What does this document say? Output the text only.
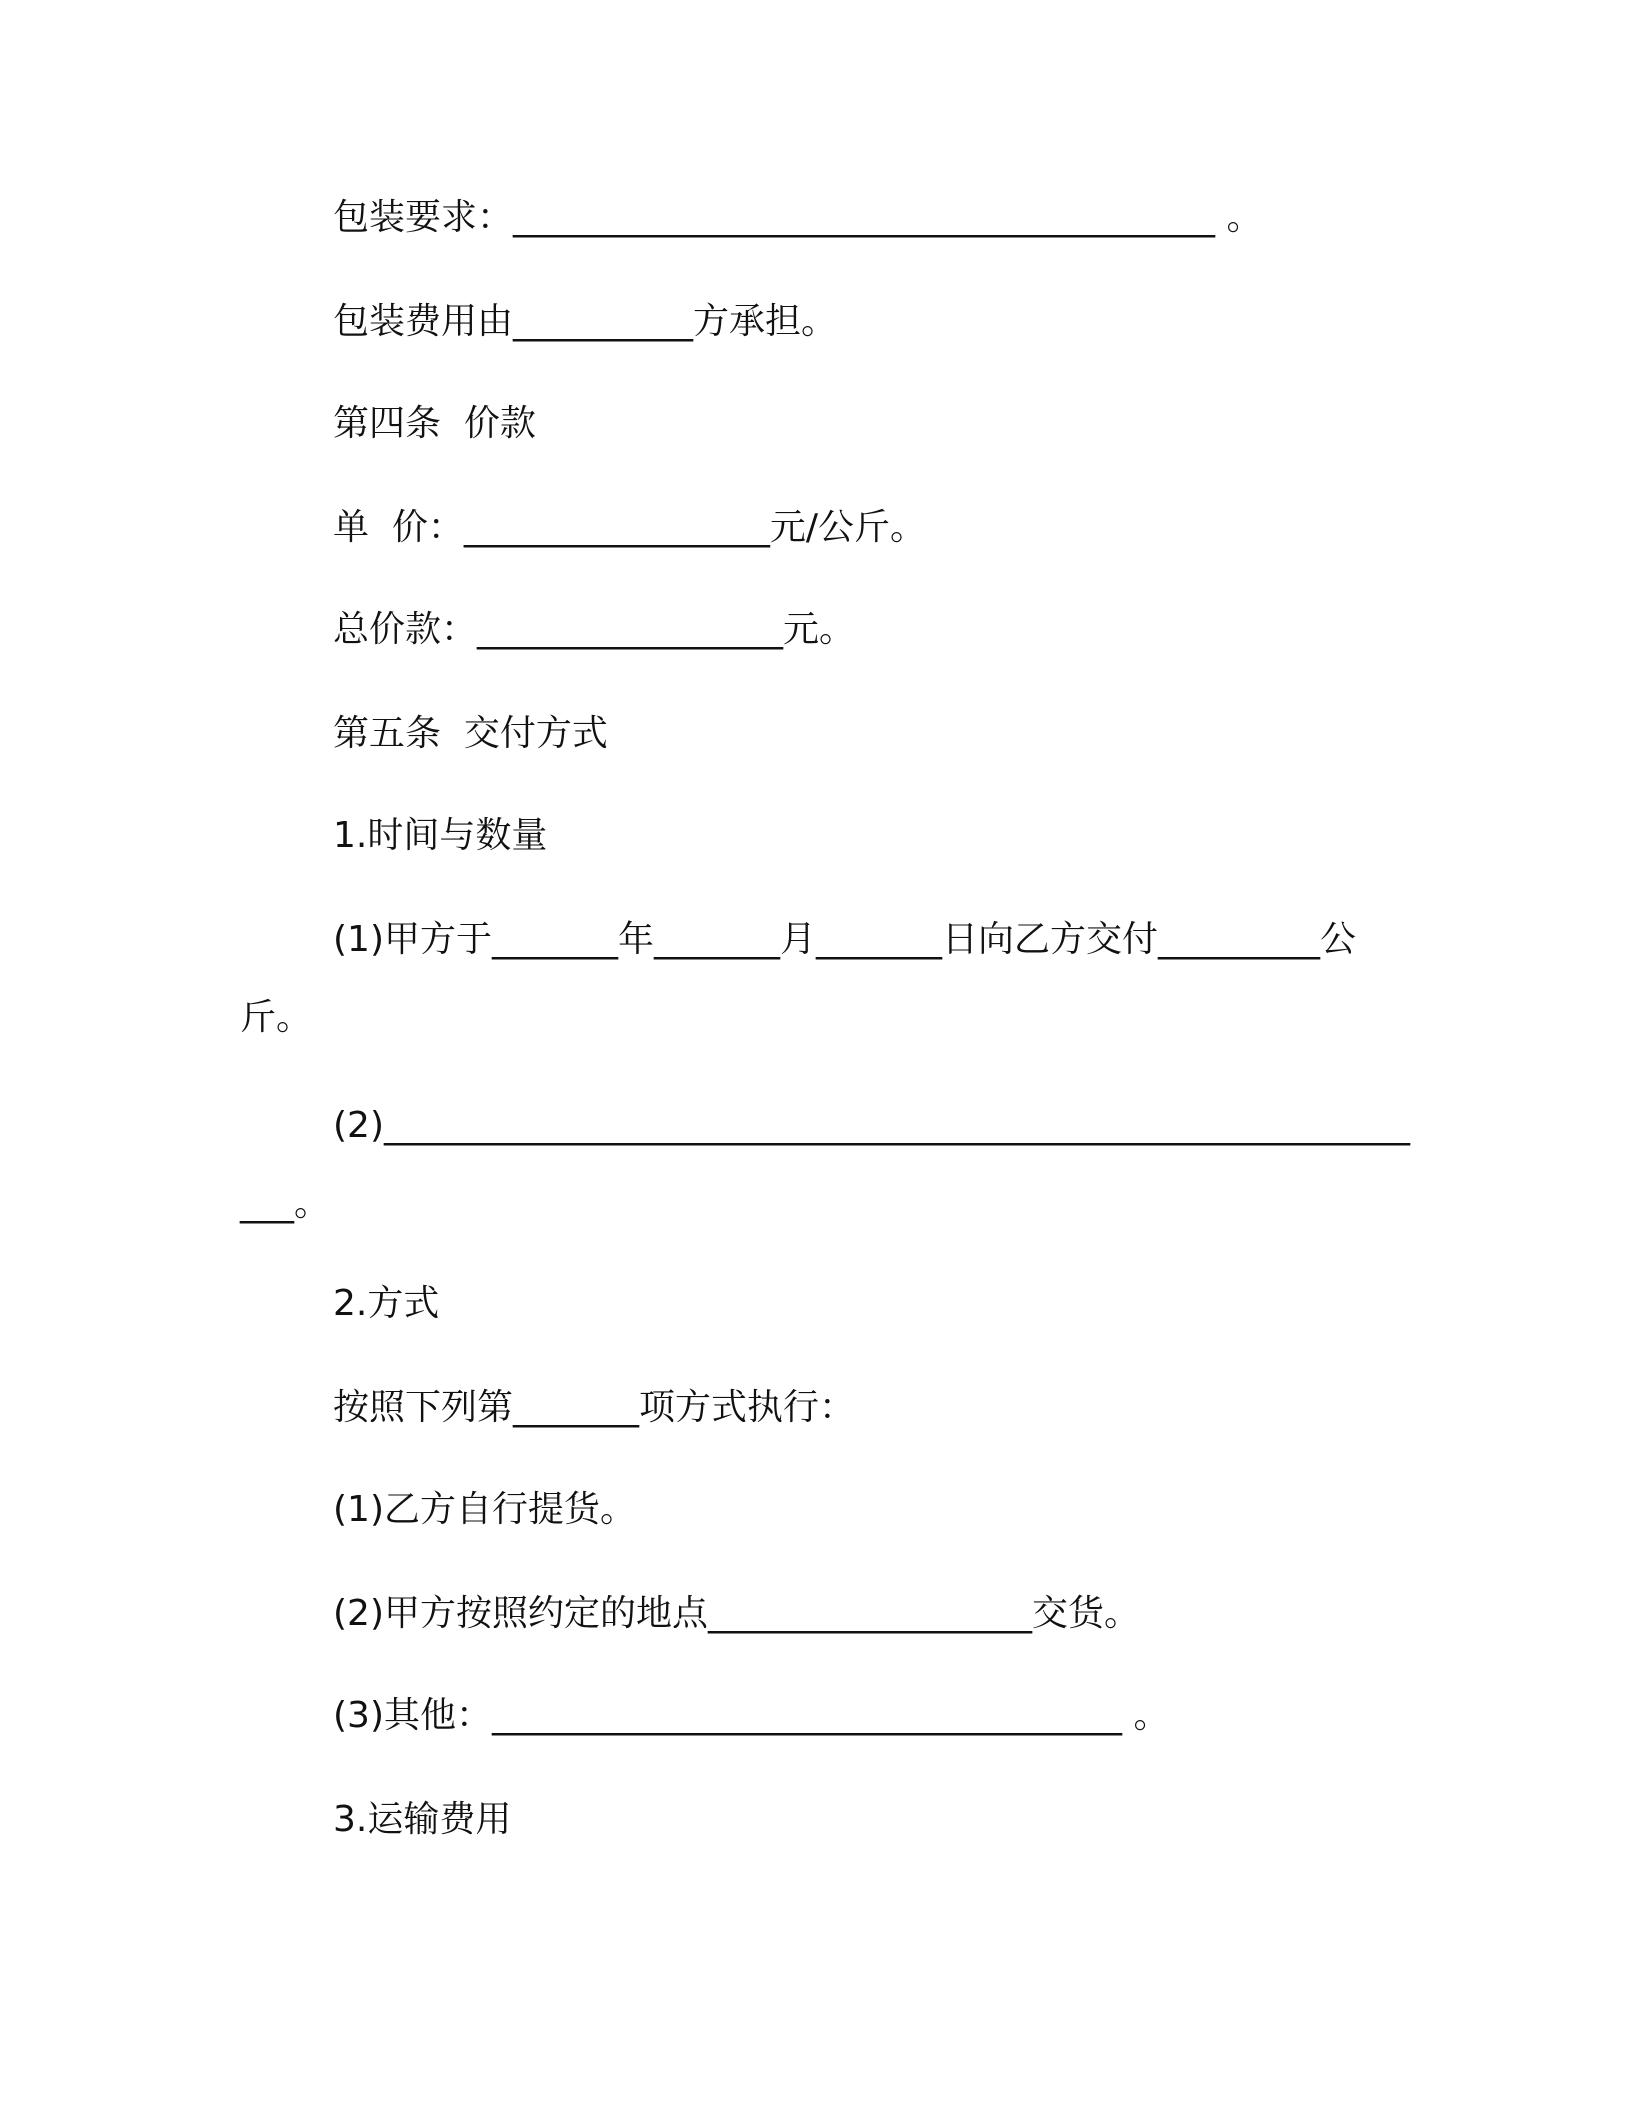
包装要求：_______________________________________ 。
包装费用由__________方承担。
第四条  价款
单  价：_________________元/公斤。
总价款：_________________元。
第五条  交付方式
1.时间与数量
(1)甲方于_______年_______月_______日向乙方交付_________公
斤。
(2)_________________________________________________________
___。
2.方式
按照下列第_______项方式执行：
(1)乙方自行提货。
(2)甲方按照约定的地点__________________交货。
(3)其他：___________________________________ 。
3.运输费用
